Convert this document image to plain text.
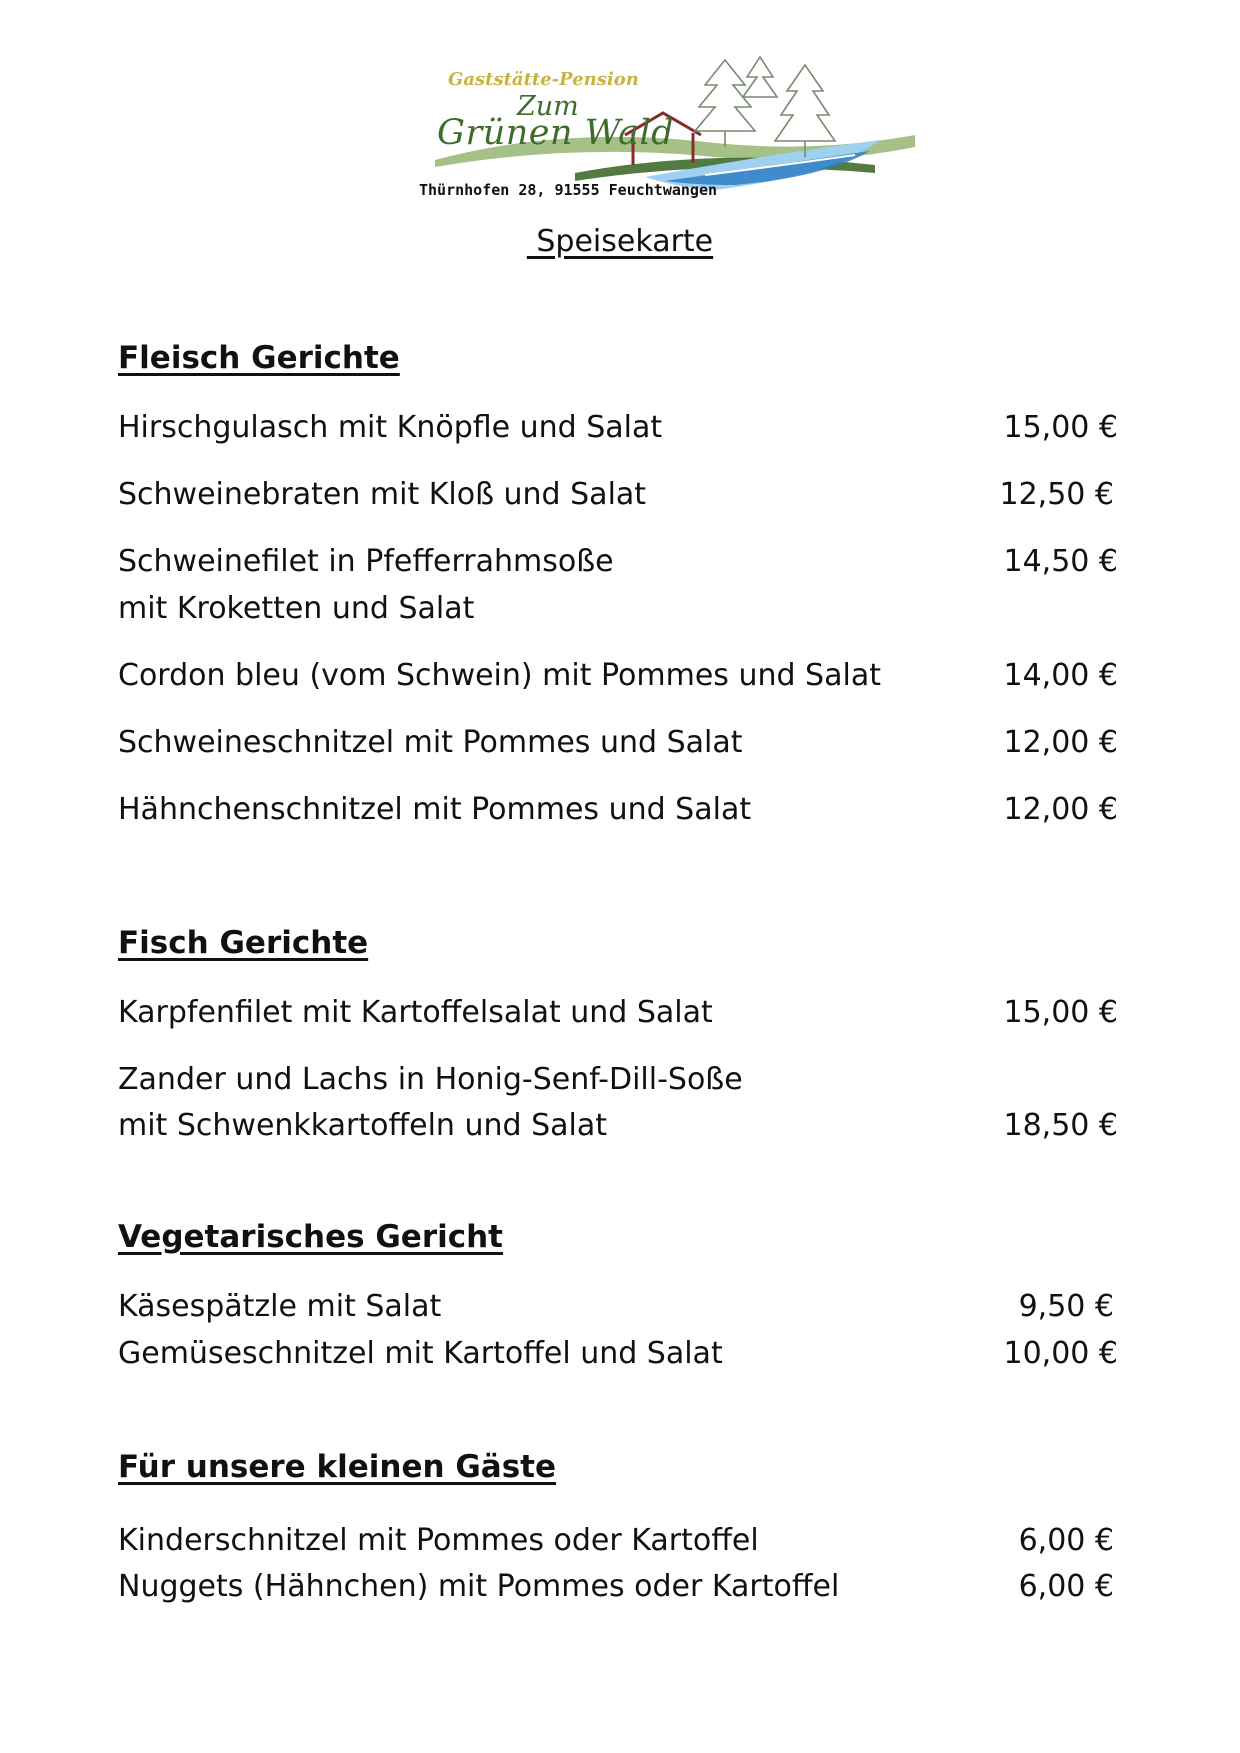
Gaststätte-Pension
Zum
Grünen Wald
Thürnhofen 28, 91555 Feuchtwangen
Speisekarte
Fleisch Gerichte
Hirschgulasch mit Knöpfle und Salat	15,00 €
Schweinebraten mit Kloß und Salat	12,50 €
Schweinefilet in Pfefferrahmsoße
mit Kroketten und Salat
14,50 €
Cordon bleu (vom Schwein) mit Pommes und Salat	14,00 €
Schweineschnitzel mit Pommes und Salat	12,00 €
Hähnchenschnitzel mit Pommes und Salat	12,00 €
Fisch Gerichte
Karpfenfilet mit Kartoffelsalat und Salat	15,00 €
Zander und Lachs in Honig-Senf-Dill-Soße
mit Schwenkkartoffeln und Salat	18,50 €
Vegetarisches Gericht
Käsespätzle mit Salat	9,50 €
Gemüseschnitzel mit Kartoffel und Salat	10,00 €
Für unsere kleinen Gäste
Kinderschnitzel mit Pommes oder Kartoffel	6,00 €
Nuggets (Hähnchen) mit Pommes oder Kartoffel	6,00 €
